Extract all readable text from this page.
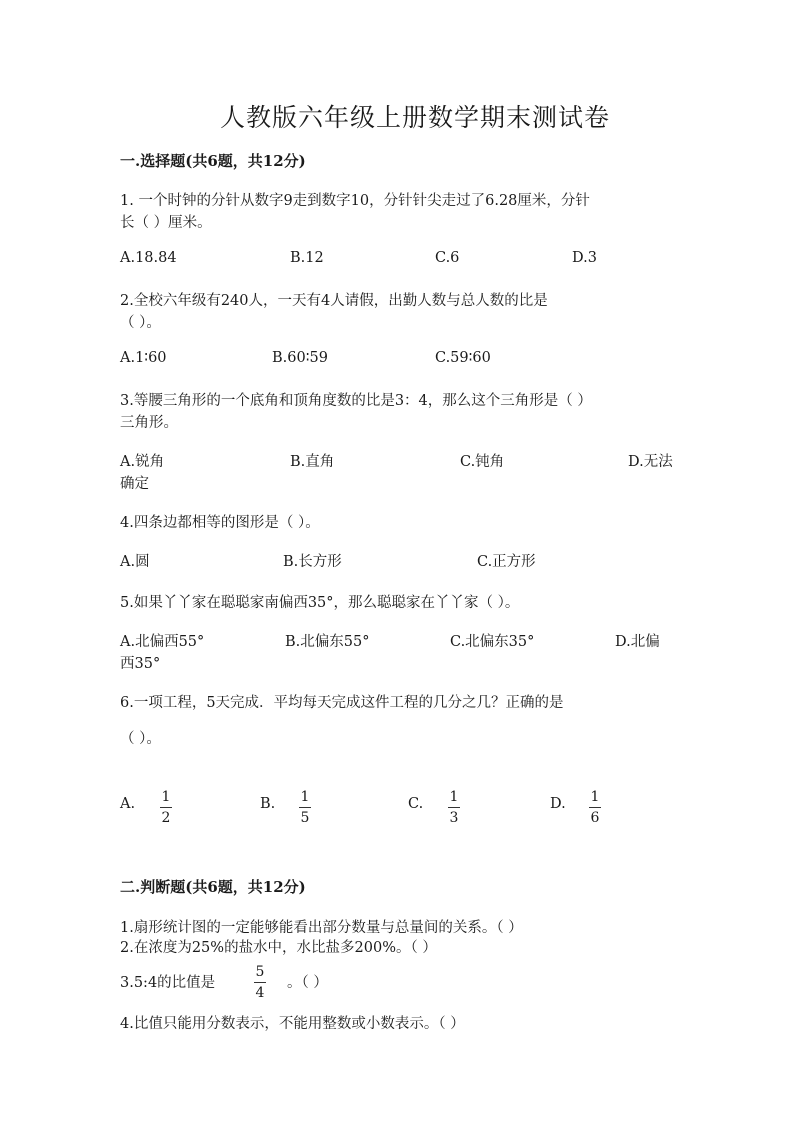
人教版六年级上册数学期末测试卷
一.选择题(共6题，共12分)
1. 一个时钟的分针从数字9走到数字10，分针针尖走过了6.28厘米，分针
长（ ）厘米。
A.18.84	B.12	C.6	D.3
2.全校六年级有240人，一天有4人请假，出勤人数与总人数的比是
（ ）。
A.1∶60	B.60∶59	C.59∶60
3.等腰三角形的一个底角和顶角度数的比是3：4，那么这个三角形是（ ）
三角形。
A.锐角	B.直角	C.钝角	D.无法
确定
4.四条边都相等的图形是（ ）。
A.圆	B.长方形	C.正方形
5.如果丫丫家在聪聪家南偏西35°，那么聪聪家在丫丫家（ ）。
A.北偏西55°	B.北偏东55°	C.北偏东35°	D.北偏
西35°
6.一项工程，5天完成．平均每天完成这件工程的几分之几？正确的是
（ ）。
A. 1
2
B. 1
5
C. 1
3
D. 1
6
二.判断题(共6题，共12分)
1.扇形统计图的一定能够能看出部分数量与总量间的关系。（ ）
2.在浓度为25%的盐水中，水比盐多200%。（ ）
3.5:4的比值是
5
4
。（ ）
4.比值只能用分数表示，不能用整数或小数表示。（ ）
